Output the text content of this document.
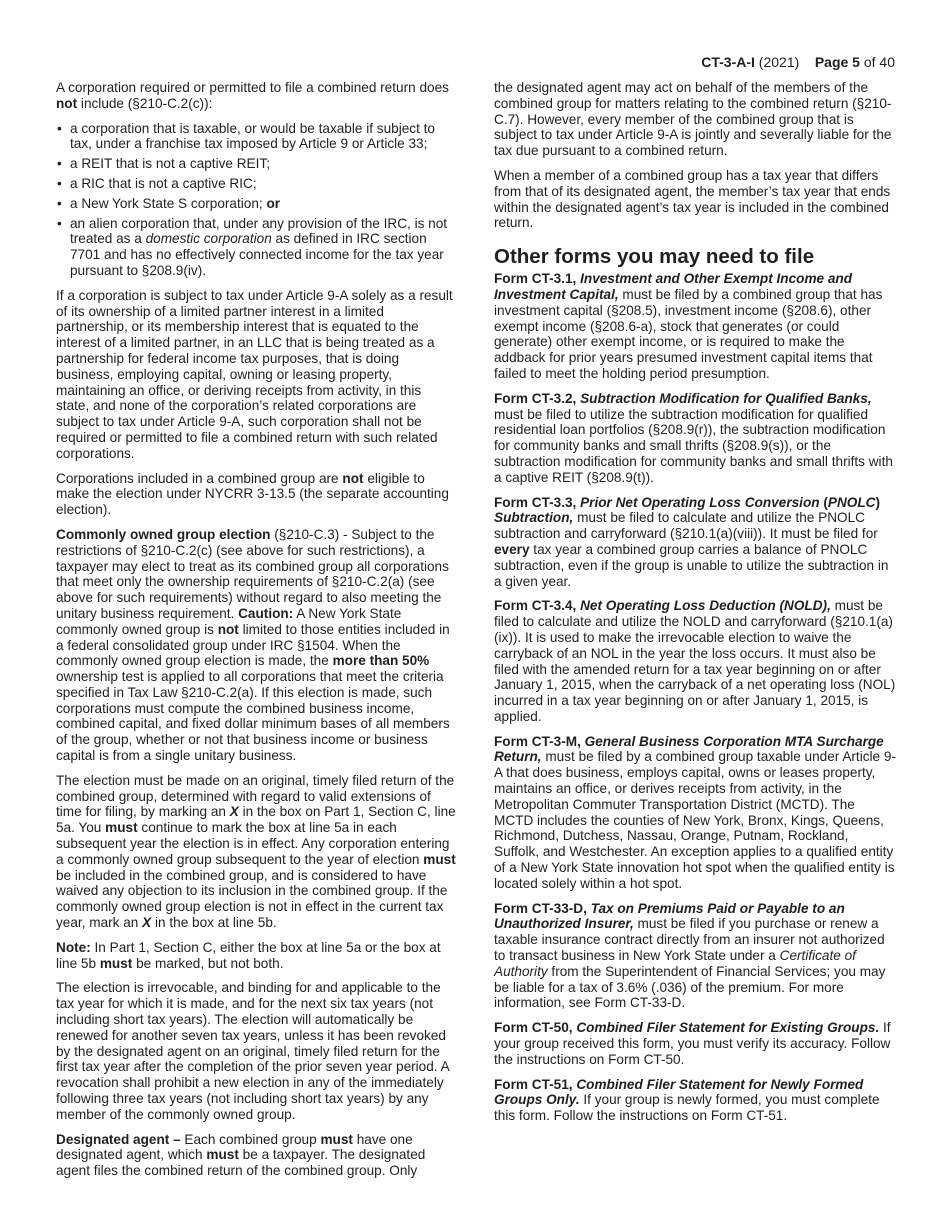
CT-3-A-I (2021) Page 5 of 40

A corporation required or permitted to file a combined return does not include (§210-C.2(c)):

• a corporation that is taxable, or would be taxable if subject to tax, under a franchise tax imposed by Article 9 or Article 33;
• a REIT that is not a captive REIT;
• a RIC that is not a captive RIC;
• a New York State S corporation; or
• an alien corporation that, under any provision of the IRC, is not treated as a domestic corporation as defined in IRC section 7701 and has no effectively connected income for the tax year pursuant to §208.9(iv).

If a corporation is subject to tax under Article 9-A solely as a result of its ownership of a limited partner interest in a limited partnership, or its membership interest that is equated to the interest of a limited partner, in an LLC that is being treated as a partnership for federal income tax purposes, that is doing business, employing capital, owning or leasing property, maintaining an office, or deriving receipts from activity, in this state, and none of the corporation’s related corporations are subject to tax under Article 9-A, such corporation shall not be required or permitted to file a combined return with such related corporations.

Corporations included in a combined group are not eligible to make the election under NYCRR 3-13.5 (the separate accounting election).

Commonly owned group election (§210-C.3) - Subject to the restrictions of §210-C.2(c) (see above for such restrictions), a taxpayer may elect to treat as its combined group all corporations that meet only the ownership requirements of §210-C.2(a) (see above for such requirements) without regard to also meeting the unitary business requirement. Caution: A New York State commonly owned group is not limited to those entities included in a federal consolidated group under IRC §1504. When the commonly owned group election is made, the more than 50% ownership test is applied to all corporations that meet the criteria specified in Tax Law §210-C.2(a). If this election is made, such corporations must compute the combined business income, combined capital, and fixed dollar minimum bases of all members of the group, whether or not that business income or business capital is from a single unitary business.

The election must be made on an original, timely filed return of the combined group, determined with regard to valid extensions of time for filing, by marking an X in the box on Part 1, Section C, line 5a. You must continue to mark the box at line 5a in each subsequent year the election is in effect. Any corporation entering a commonly owned group subsequent to the year of election must be included in the combined group, and is considered to have waived any objection to its inclusion in the combined group. If the commonly owned group election is not in effect in the current tax year, mark an X in the box at line 5b.

Note: In Part 1, Section C, either the box at line 5a or the box at line 5b must be marked, but not both.

The election is irrevocable, and binding for and applicable to the tax year for which it is made, and for the next six tax years (not including short tax years). The election will automatically be renewed for another seven tax years, unless it has been revoked by the designated agent on an original, timely filed return for the first tax year after the completion of the prior seven year period. A revocation shall prohibit a new election in any of the immediately following three tax years (not including short tax years) by any member of the commonly owned group.

Designated agent – Each combined group must have one designated agent, which must be a taxpayer. The designated agent files the combined return of the combined group. Only

the designated agent may act on behalf of the members of the combined group for matters relating to the combined return (§210-C.7). However, every member of the combined group that is subject to tax under Article 9-A is jointly and severally liable for the tax due pursuant to a combined return.

When a member of a combined group has a tax year that differs from that of its designated agent, the member’s tax year that ends within the designated agent’s tax year is included in the combined return.

Other forms you may need to file

Form CT-3.1, Investment and Other Exempt Income and Investment Capital, must be filed by a combined group that has investment capital (§208.5), investment income (§208.6), other exempt income (§208.6-a), stock that generates (or could generate) other exempt income, or is required to make the addback for prior years presumed investment capital items that failed to meet the holding period presumption.

Form CT-3.2, Subtraction Modification for Qualified Banks, must be filed to utilize the subtraction modification for qualified residential loan portfolios (§208.9(r)), the subtraction modification for community banks and small thrifts (§208.9(s)), or the subtraction modification for community banks and small thrifts with a captive REIT (§208.9(t)).

Form CT-3.3, Prior Net Operating Loss Conversion (PNOLC) Subtraction, must be filed to calculate and utilize the PNOLC subtraction and carryforward (§210.1(a)(viii)). It must be filed for every tax year a combined group carries a balance of PNOLC subtraction, even if the group is unable to utilize the subtraction in a given year.

Form CT-3.4, Net Operating Loss Deduction (NOLD), must be filed to calculate and utilize the NOLD and carryforward (§210.1(a)(ix)). It is used to make the irrevocable election to waive the carryback of an NOL in the year the loss occurs. It must also be filed with the amended return for a tax year beginning on or after January 1, 2015, when the carryback of a net operating loss (NOL) incurred in a tax year beginning on or after January 1, 2015, is applied.

Form CT-3-M, General Business Corporation MTA Surcharge Return, must be filed by a combined group taxable under Article 9-A that does business, employs capital, owns or leases property, maintains an office, or derives receipts from activity, in the Metropolitan Commuter Transportation District (MCTD). The MCTD includes the counties of New York, Bronx, Kings, Queens, Richmond, Dutchess, Nassau, Orange, Putnam, Rockland, Suffolk, and Westchester. An exception applies to a qualified entity of a New York State innovation hot spot when the qualified entity is located solely within a hot spot.

Form CT-33-D, Tax on Premiums Paid or Payable to an Unauthorized Insurer, must be filed if you purchase or renew a taxable insurance contract directly from an insurer not authorized to transact business in New York State under a Certificate of Authority from the Superintendent of Financial Services; you may be liable for a tax of 3.6% (.036) of the premium. For more information, see Form CT-33-D.

Form CT-50, Combined Filer Statement for Existing Groups. If your group received this form, you must verify its accuracy. Follow the instructions on Form CT-50.

Form CT-51, Combined Filer Statement for Newly Formed Groups Only. If your group is newly formed, you must complete this form. Follow the instructions on Form CT-51.
